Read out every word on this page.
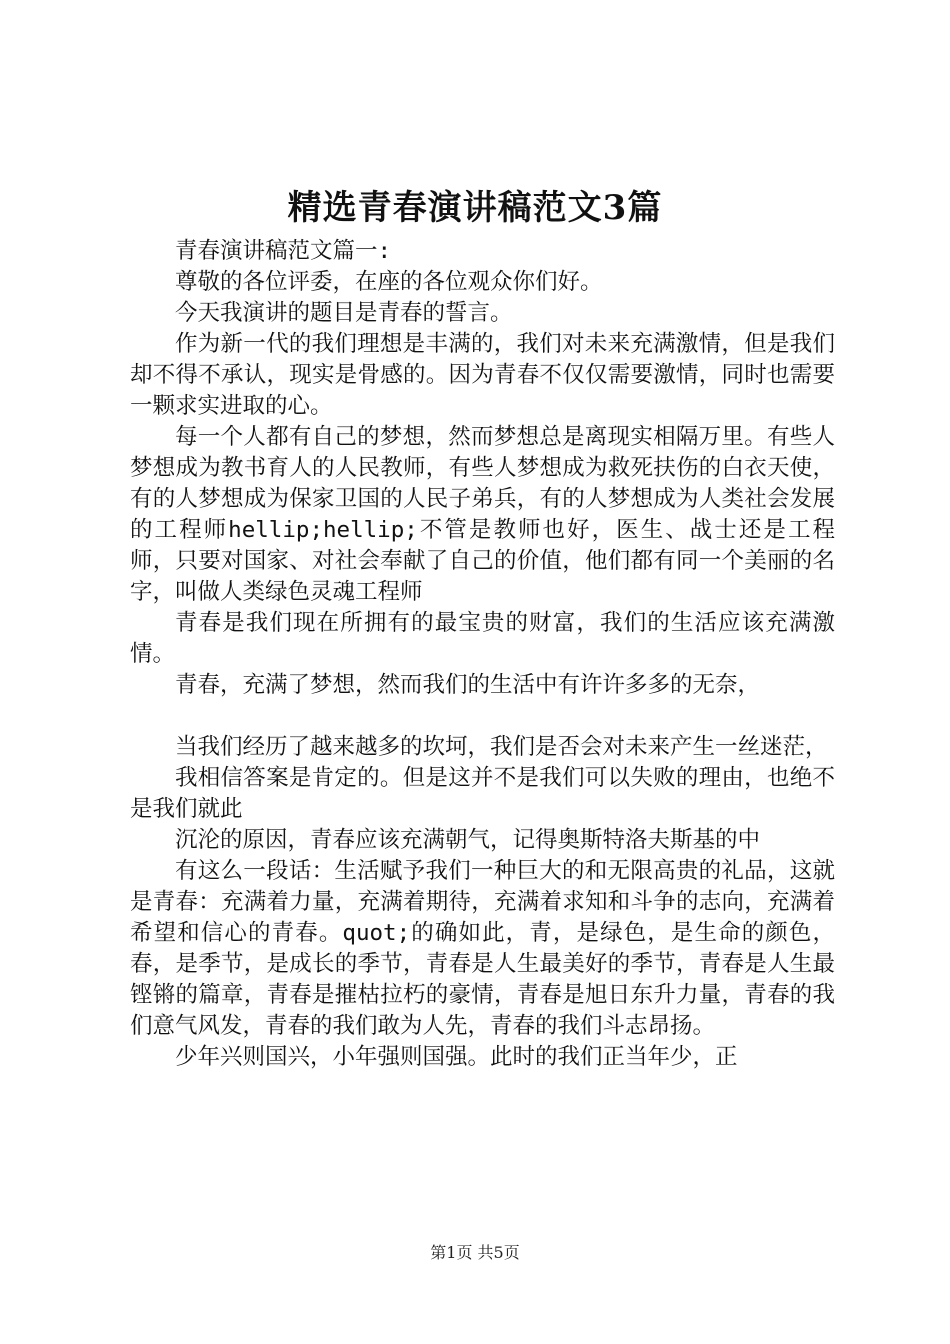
精选青春演讲稿范文3篇

青春演讲稿范文篇一:

尊敬的各位评委，在座的各位观众你们好。

今天我演讲的题目是青春的誓言。

作为新一代的我们理想是丰满的，我们对未来充满激情，但是我们却不得不承认，现实是骨感的。因为青春不仅仅需要激情，同时也需要一颗求实进取的心。

每一个人都有自己的梦想，然而梦想总是离现实相隔万里。有些人梦想成为教书育人的人民教师，有些人梦想成为救死扶伤的白衣天使，有的人梦想成为保家卫国的人民子弟兵，有的人梦想成为人类社会发展的工程师hellip;hellip;不管是教师也好，医生、战士还是工程师，只要对国家、对社会奉献了自己的价值，他们都有同一个美丽的名字，叫做人类绿色灵魂工程师

青春是我们现在所拥有的最宝贵的财富，我们的生活应该充满激情。

青春，充满了梦想，然而我们的生活中有许许多多的无奈，

当我们经历了越来越多的坎坷，我们是否会对未来产生一丝迷茫，

我相信答案是肯定的。但是这并不是我们可以失败的理由，也绝不是我们就此

沉沦的原因，青春应该充满朝气，记得奥斯特洛夫斯基的中

有这么一段话：生活赋予我们一种巨大的和无限高贵的礼品，这就是青春：充满着力量，充满着期待，充满着求知和斗争的志向，充满着希望和信心的青春。quot;的确如此，青，是绿色，是生命的颜色，春，是季节，是成长的季节，青春是人生最美好的季节，青春是人生最铿锵的篇章，青春是摧枯拉朽的豪情，青春是旭日东升力量，青春的我们意气风发，青春的我们敢为人先，青春的我们斗志昂扬。

少年兴则国兴，小年强则国强。此时的我们正当年少，正

第1页 共5页
